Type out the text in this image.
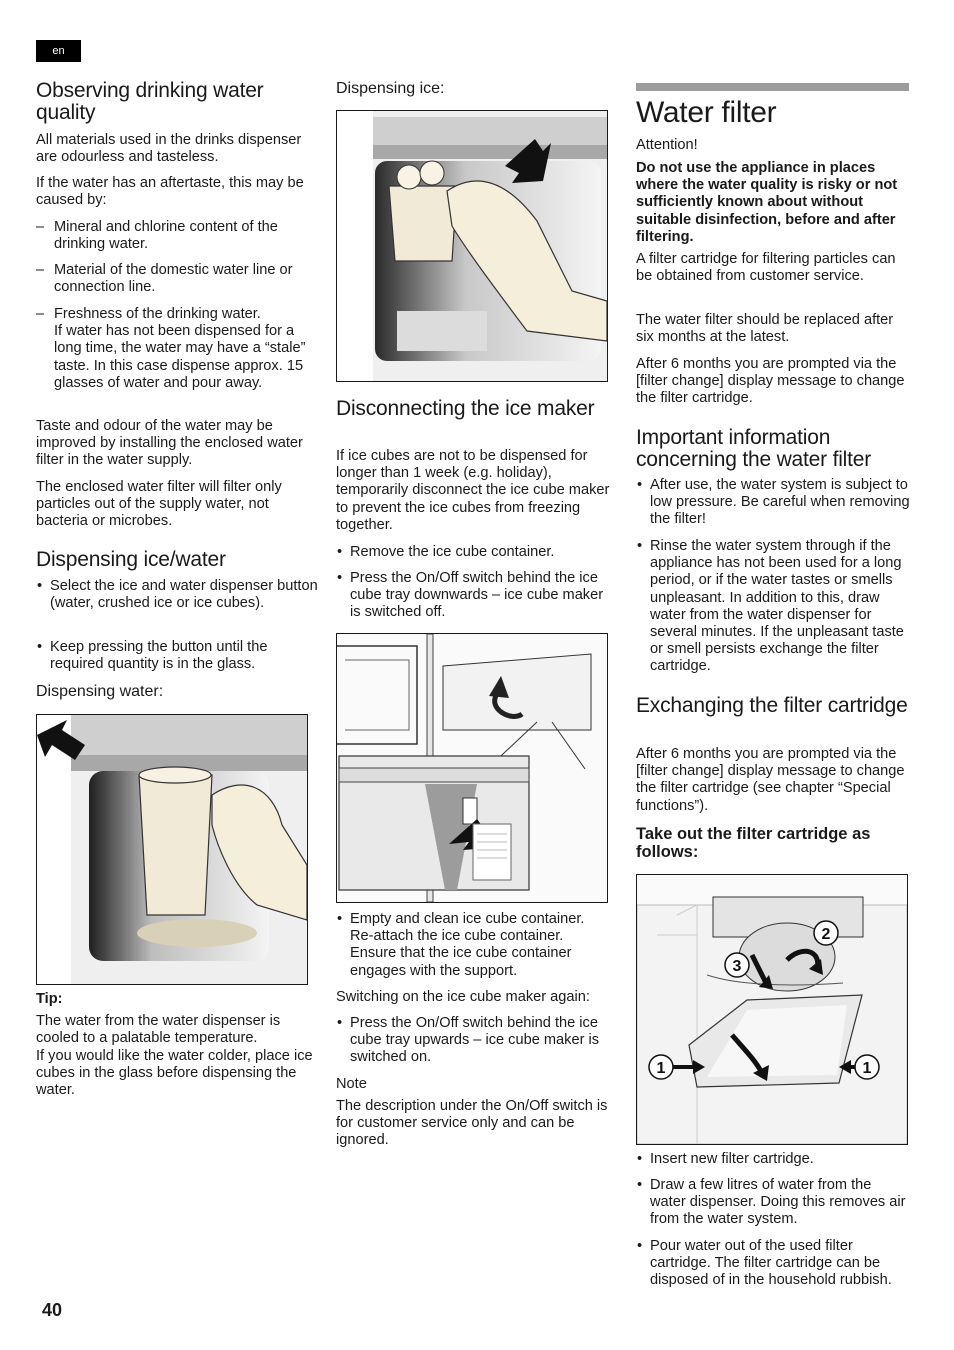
en
Observing drinking water quality

All materials used in the drinks dispenser are odourless and tasteless.

If the water has an aftertaste, this may be caused by:

– Mineral and chlorine content of the drinking water.
– Material of the domestic water line or connection line.
– Freshness of the drinking water.
If water has not been dispensed for a long time, the water may have a “stale” taste. In this case dispense approx. 15 glasses of water and pour away.

Taste and odour of the water may be improved by installing the enclosed water filter in the water supply.

The enclosed water filter will filter only particles out of the supply water, not bacteria or microbes.

Dispensing ice/water
• Select the ice and water dispenser button (water, crushed ice or ice cubes).
• Keep pressing the button until the required quantity is in the glass.
Dispensing water:
Tip:

The water from the water dispenser is cooled to a palatable temperature.

If you would like the water colder, place ice cubes in the glass before dispensing the water.

Dispensing ice:
Disconnecting the ice maker

If ice cubes are not to be dispensed for longer than 1 week (e.g. holiday), temporarily disconnect the ice cube maker to prevent the ice cubes from freezing together.

• Remove the ice cube container.
• Press the On/Off switch behind the ice cube tray downwards – ice cube maker is switched off.
• Empty and clean ice cube container. Re-attach the ice cube container. Ensure that the ice cube container engages with the support.

Switching on the ice cube maker again:

• Press the On/Off switch behind the ice cube tray upwards – ice cube maker is switched on.
Note

The description under the On/Off switch is for customer service only and can be ignored.

Water filter
Attention!

Do not use the appliance in places where the water quality is risky or not sufficiently known about without suitable disinfection, before and after filtering.

A filter cartridge for filtering particles can be obtained from customer service.

The water filter should be replaced after six months at the latest.

After 6 months you are prompted via the [filter change] display message to change the filter cartridge.

Important information concerning the water filter
• After use, the water system is subject to low pressure. Be careful when removing the filter!
• Rinse the water system through if the appliance has not been used for a long period, or if the water tastes or smells unpleasant. In addition to this, draw water from the water dispenser for several minutes. If the unpleasant taste or smell persists exchange the filter cartridge.
Exchanging the filter cartridge

After 6 months you are prompted via the [filter change] display message to change the filter cartridge (see chapter “Special functions”).

Take out the filter cartridge as follows:
1
2
3
1
• Insert new filter cartridge.
• Draw a few litres of water from the water dispenser. Doing this removes air from the water system.
• Pour water out of the used filter cartridge. The filter cartridge can be disposed of in the household rubbish.
40
